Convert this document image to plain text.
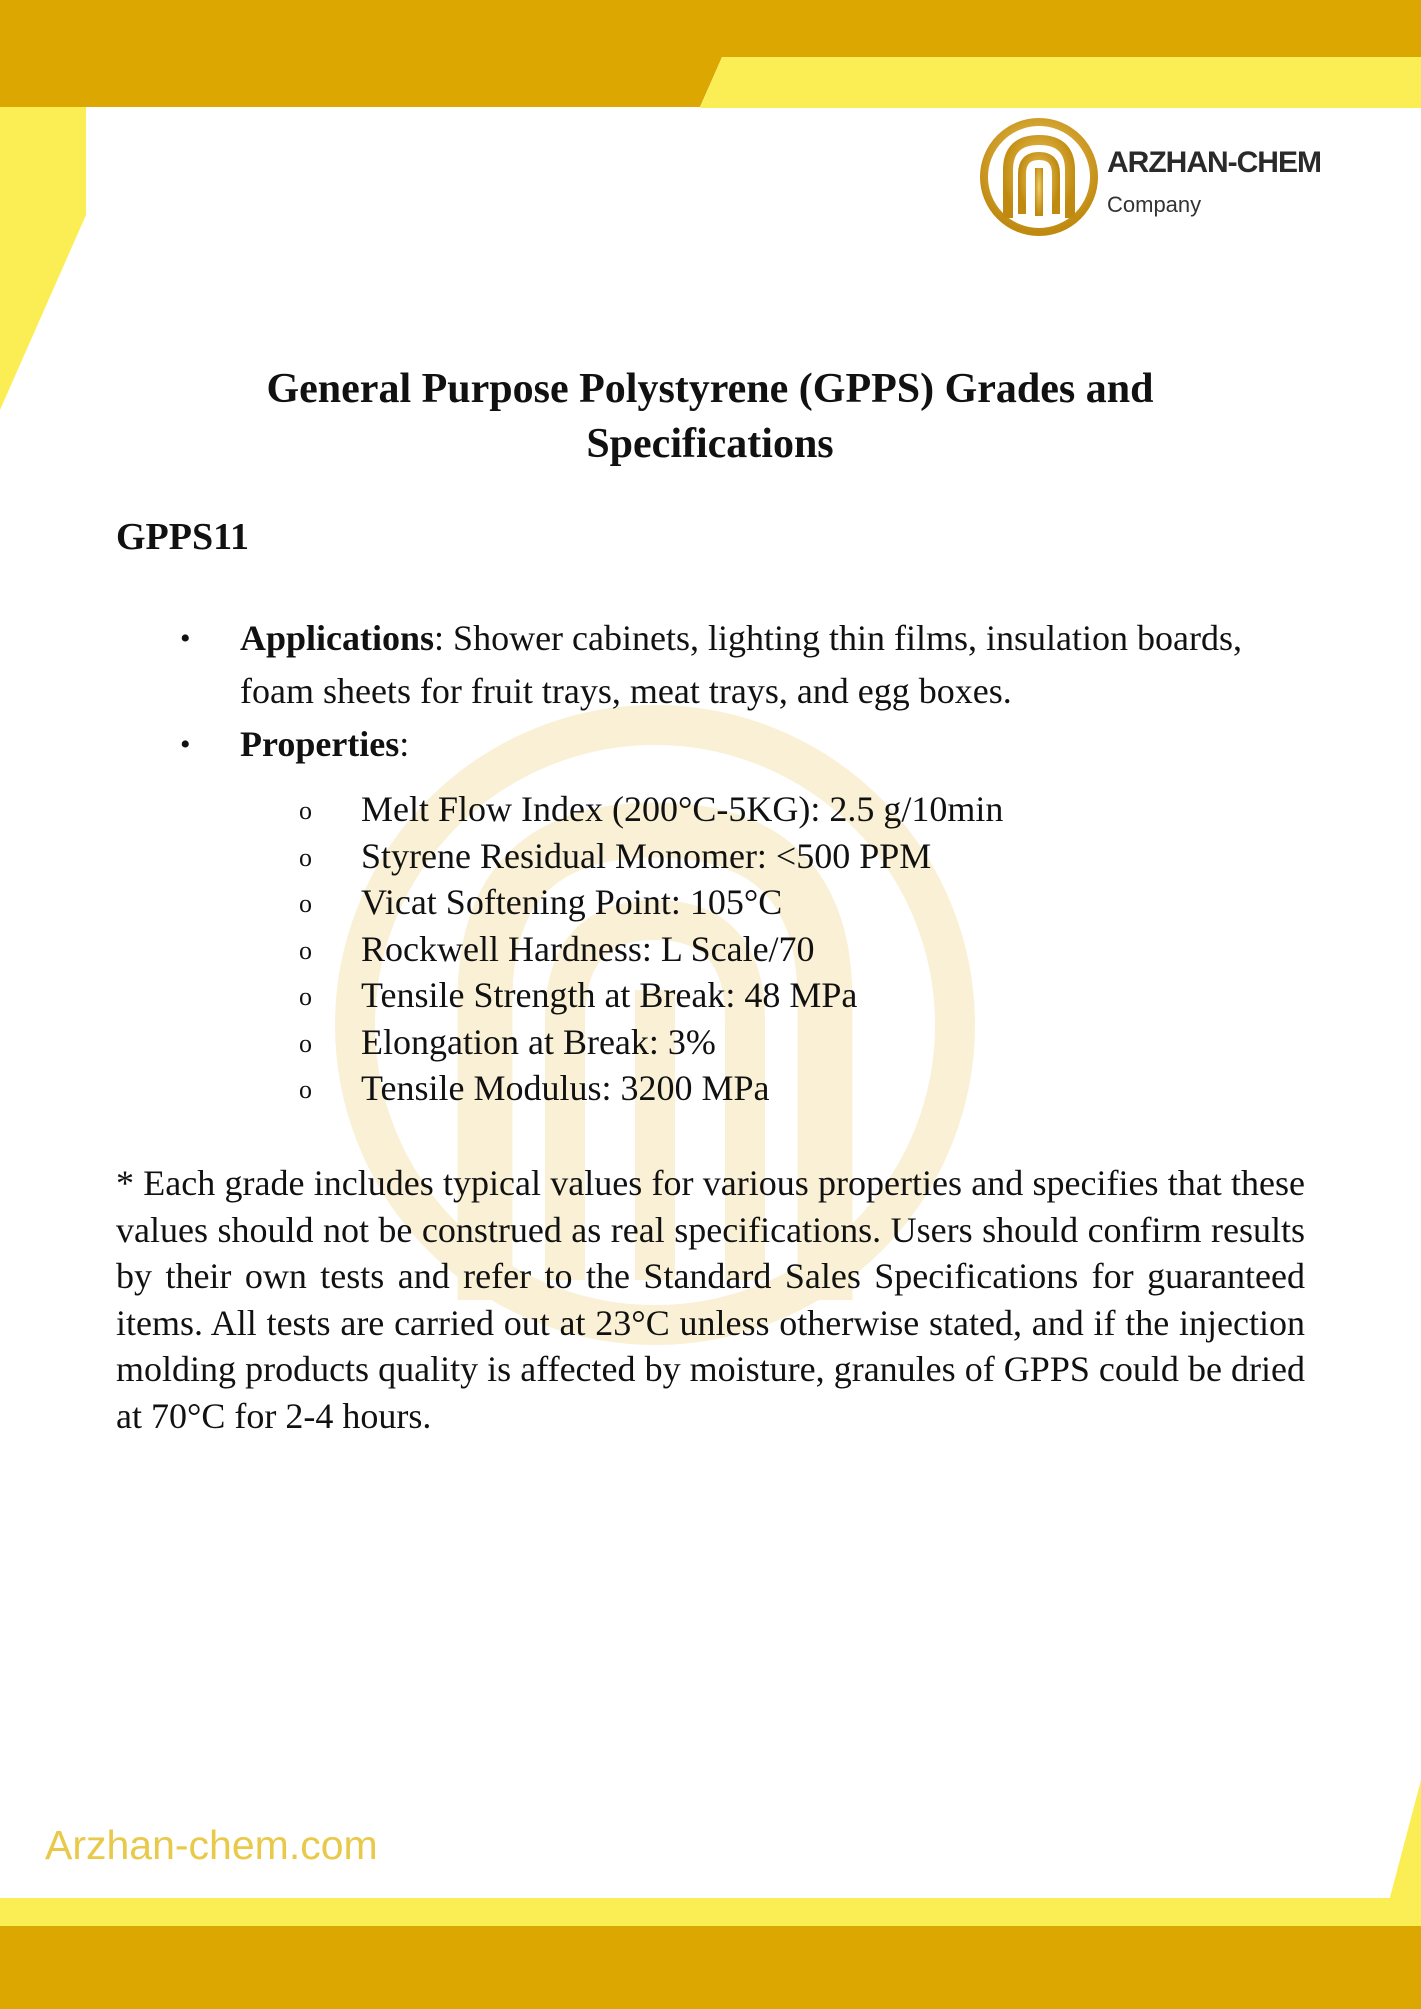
ARZHAN-CHEM
Company
General Purpose Polystyrene (GPPS) Grades and Specifications
GPPS11
• Applications: Shower cabinets, lighting thin films, insulation boards, foam sheets for fruit trays, meat trays, and egg boxes.
• Properties:
o Melt Flow Index (200°C-5KG): 2.5 g/10min
o Styrene Residual Monomer: <500 PPM
o Vicat Softening Point: 105°C
o Rockwell Hardness: L Scale/70
o Tensile Strength at Break: 48 MPa
o Elongation at Break: 3%
o Tensile Modulus: 3200 MPa
* Each grade includes typical values for various properties and specifies that these values should not be construed as real specifications. Users should confirm results by their own tests and refer to the Standard Sales Specifications for guaranteed items. All tests are carried out at 23°C unless otherwise stated, and if the injection molding products quality is affected by moisture, granules of GPPS could be dried at 70°C for 2-4 hours.
Arzhan-chem.com
